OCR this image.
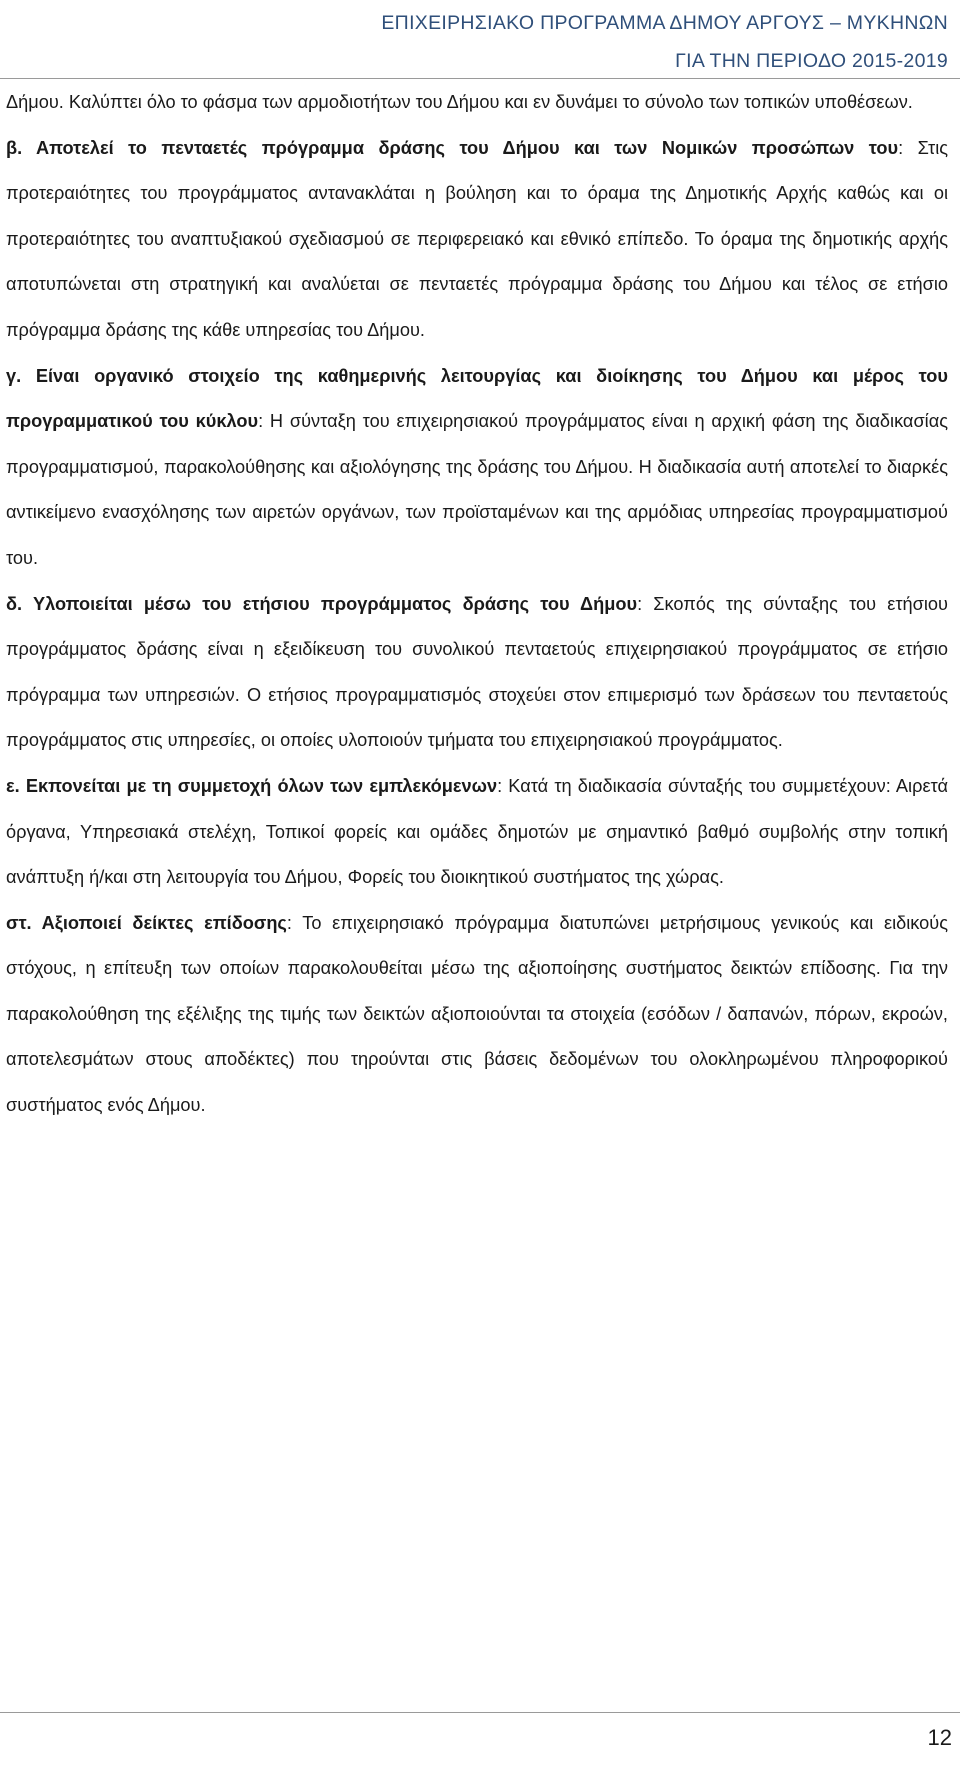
ΕΠΙΧΕΙΡΗΣΙΑΚΟ ΠΡΟΓΡΑΜΜΑ ΔΗΜΟΥ ΑΡΓΟΥΣ – ΜΥΚΗΝΩΝ
ΓΙΑ ΤΗΝ ΠΕΡΙΟΔΟ 2015-2019

Δήμου. Καλύπτει όλο το φάσμα των αρμοδιοτήτων του Δήμου και εν δυνάμει το σύνολο των τοπικών υποθέσεων.

β. Αποτελεί το πενταετές πρόγραμμα δράσης του Δήμου και των Νομικών προσώπων του: Στις προτεραιότητες του προγράμματος αντανακλάται η βούληση και το όραμα της Δημοτικής Αρχής καθώς και οι προτεραιότητες του αναπτυξιακού σχεδιασμού σε περιφερειακό και εθνικό επίπεδο. Το όραμα της δημοτικής αρχής αποτυπώνεται στη στρατηγική και αναλύεται σε πενταετές πρόγραμμα δράσης του Δήμου και τέλος σε ετήσιο πρόγραμμα δράσης της κάθε υπηρεσίας του Δήμου.

γ. Είναι οργανικό στοιχείο της καθημερινής λειτουργίας και διοίκησης του Δήμου και μέρος του προγραμματικού του κύκλου: Η σύνταξη του επιχειρησιακού προγράμματος είναι η αρχική φάση της διαδικασίας προγραμματισμού, παρακολούθησης και αξιολόγησης της δράσης του Δήμου. Η διαδικασία αυτή αποτελεί το διαρκές αντικείμενο ενασχόλησης των αιρετών οργάνων, των προϊσταμένων και της αρμόδιας υπηρεσίας προγραμματισμού του.

δ. Υλοποιείται μέσω του ετήσιου προγράμματος δράσης του Δήμου: Σκοπός της σύνταξης του ετήσιου προγράμματος δράσης είναι η εξειδίκευση του συνολικού πενταετούς επιχειρησιακού προγράμματος σε ετήσιο πρόγραμμα των υπηρεσιών. Ο ετήσιος προγραμματισμός στοχεύει στον επιμερισμό των δράσεων του πενταετούς προγράμματος στις υπηρεσίες, οι οποίες υλοποιούν τμήματα του επιχειρησιακού προγράμματος.

ε. Εκπονείται με τη συμμετοχή όλων των εμπλεκόμενων: Κατά τη διαδικασία σύνταξής του συμμετέχουν: Αιρετά όργανα, Υπηρεσιακά στελέχη, Τοπικοί φορείς και ομάδες δημοτών με σημαντικό βαθμό συμβολής στην τοπική ανάπτυξη ή/και στη λειτουργία του Δήμου, Φορείς του διοικητικού συστήματος της χώρας.

στ. Αξιοποιεί δείκτες επίδοσης: Το επιχειρησιακό πρόγραμμα διατυπώνει μετρήσιμους γενικούς και ειδικούς στόχους, η επίτευξη των οποίων παρακολουθείται μέσω της αξιοποίησης συστήματος δεικτών επίδοσης. Για την παρακολούθηση της εξέλιξης της τιμής των δεικτών αξιοποιούνται τα στοιχεία (εσόδων / δαπανών, πόρων, εκροών, αποτελεσμάτων στους αποδέκτες) που τηρούνται στις βάσεις δεδομένων του ολοκληρωμένου πληροφορικού συστήματος ενός Δήμου.

12
